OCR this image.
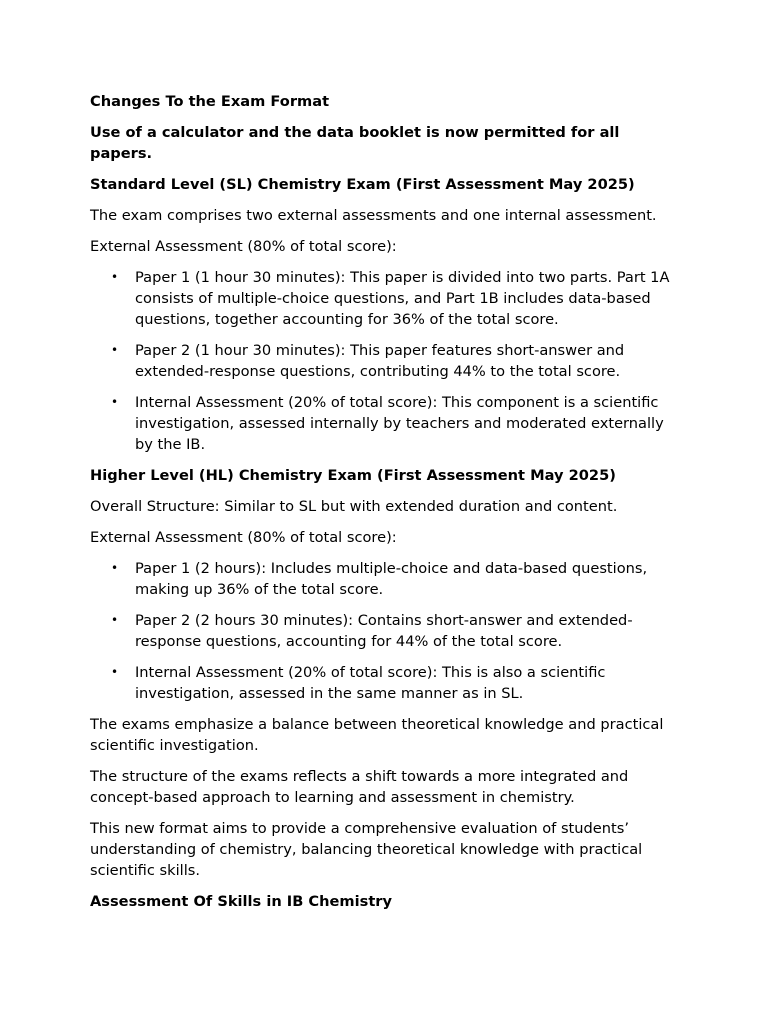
Changes To the Exam Format

Use of a calculator and the data booklet is now permitted for all papers.

Standard Level (SL) Chemistry Exam (First Assessment May 2025)

The exam comprises two external assessments and one internal assessment.

External Assessment (80% of total score):

• Paper 1 (1 hour 30 minutes): This paper is divided into two parts. Part 1A consists of multiple-choice questions, and Part 1B includes data-based questions, together accounting for 36% of the total score.
• Paper 2 (1 hour 30 minutes): This paper features short-answer and extended-response questions, contributing 44% to the total score.
• Internal Assessment (20% of total score): This component is a scientific investigation, assessed internally by teachers and moderated externally by the IB.

Higher Level (HL) Chemistry Exam (First Assessment May 2025)

Overall Structure: Similar to SL but with extended duration and content.

External Assessment (80% of total score):

• Paper 1 (2 hours): Includes multiple-choice and data-based questions, making up 36% of the total score.
• Paper 2 (2 hours 30 minutes): Contains short-answer and extended-response questions, accounting for 44% of the total score.
• Internal Assessment (20% of total score): This is also a scientific investigation, assessed in the same manner as in SL.

The exams emphasize a balance between theoretical knowledge and practical scientific investigation.

The structure of the exams reflects a shift towards a more integrated and concept-based approach to learning and assessment in chemistry.

This new format aims to provide a comprehensive evaluation of students’ understanding of chemistry, balancing theoretical knowledge with practical scientific skills.

Assessment Of Skills in IB Chemistry
